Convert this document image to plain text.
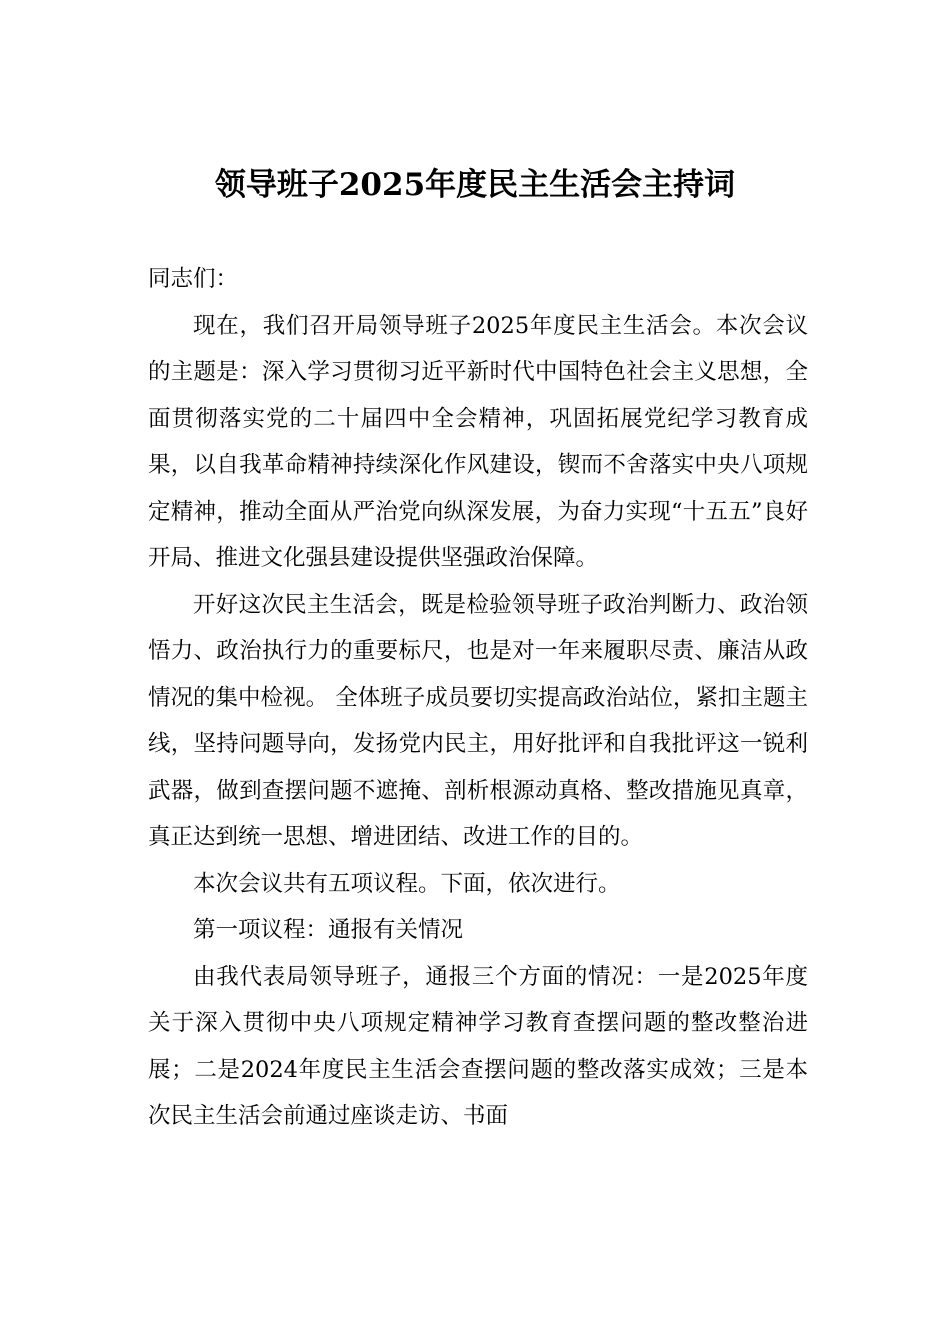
领导班子2025年度民主生活会主持词

同志们：

现在，我们召开局领导班子2025年度民主生活会。本次会议的主题是：深入学习贯彻习近平新时代中国特色社会主义思想，全面贯彻落实党的二十届四中全会精神，巩固拓展党纪学习教育成果，以自我革命精神持续深化作风建设，锲而不舍落实中央八项规定精神，推动全面从严治党向纵深发展，为奋力实现“十五五”良好开局、推进文化强县建设提供坚强政治保障。

开好这次民主生活会，既是检验领导班子政治判断力、政治领悟力、政治执行力的重要标尺，也是对一年来履职尽责、廉洁从政情况的集中检视。 全体班子成员要切实提高政治站位，紧扣主题主线，坚持问题导向，发扬党内民主，用好批评和自我批评这一锐利武器，做到查摆问题不遮掩、剖析根源动真格、整改措施见真章，真正达到统一思想、增进团结、改进工作的目的。

本次会议共有五项议程。下面，依次进行。

第一项议程：通报有关情况

由我代表局领导班子，通报三个方面的情况：一是2025年度关于深入贯彻中央八项规定精神学习教育查摆问题的整改整治进展；二是2024年度民主生活会查摆问题的整改落实成效；三是本次民主生活会前通过座谈走访、书面
